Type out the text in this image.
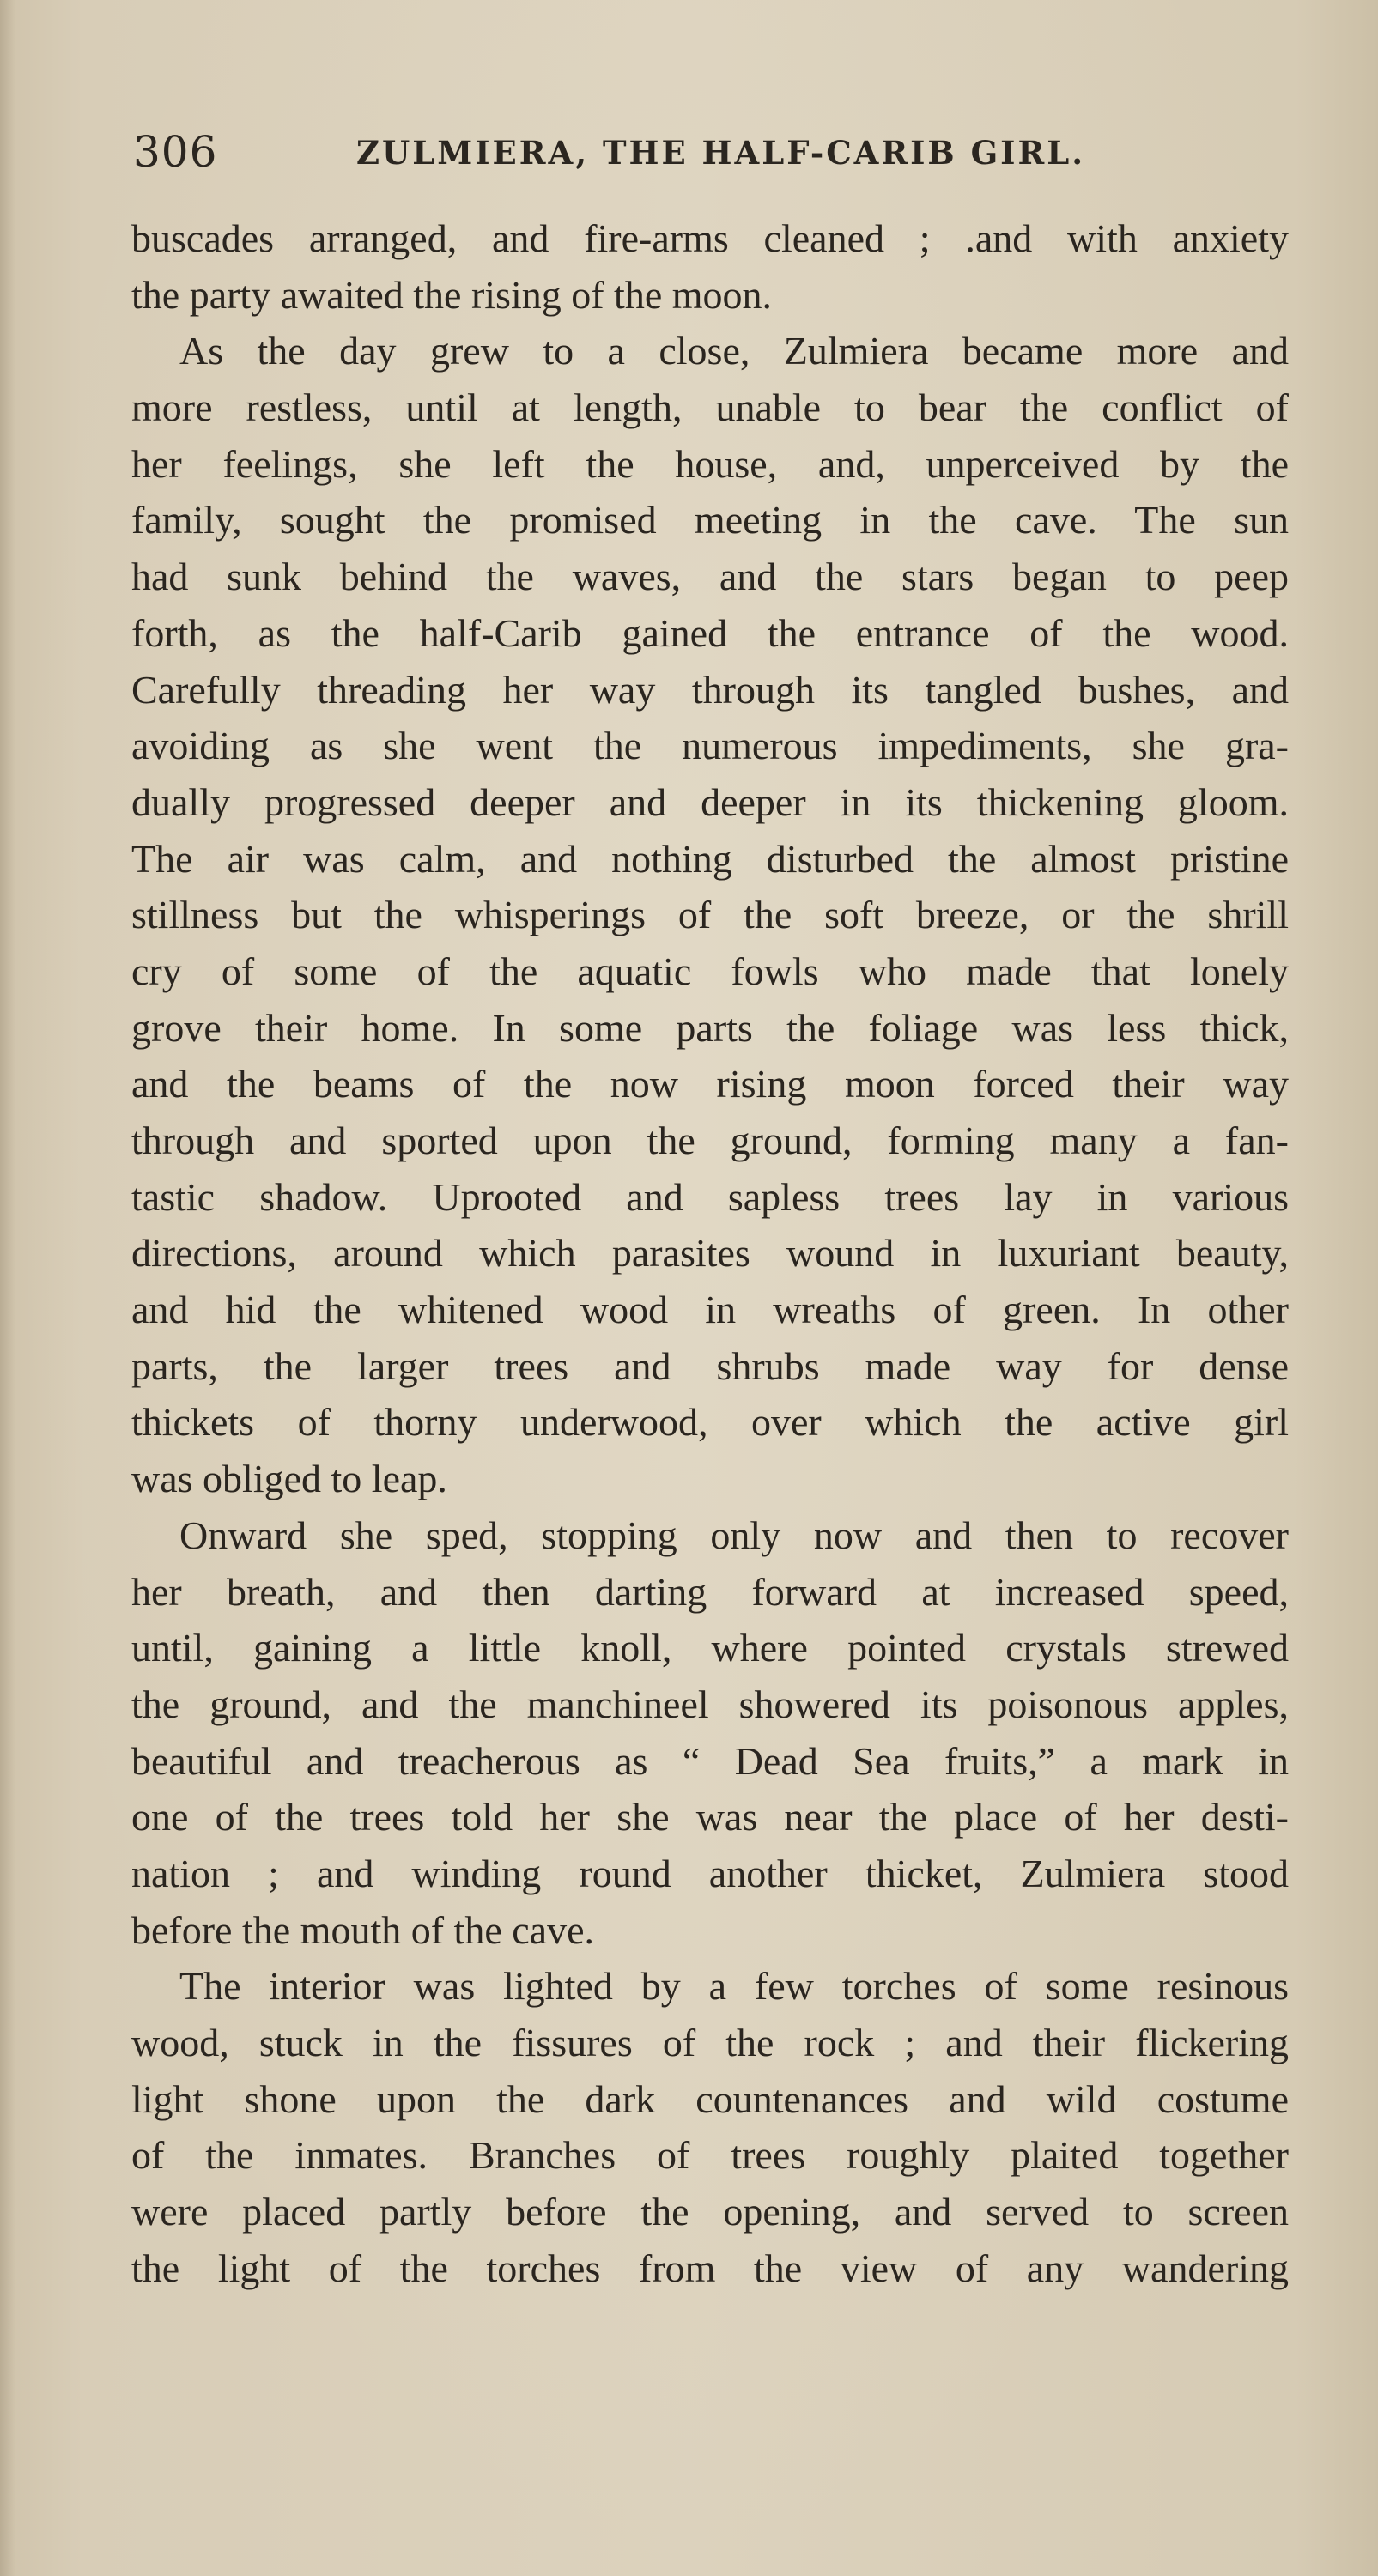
306	ZULMIERA, THE HALF-CARIB GIRL.
buscades arranged, and fire-arms cleaned ; .and with anxiety
the party awaited the rising of the moon.
As the day grew to a close, Zulmiera became more and
more restless, until at length, unable to bear the conflict of
her feelings, she left the house, and, unperceived by the
family, sought the promised meeting in the cave. The sun
had sunk behind the waves, and the stars began to peep
forth, as the half-Carib gained the entrance of the wood.
Carefully threading her way through its tangled bushes, and
avoiding as she went the numerous impediments, she gra-
dually progressed deeper and deeper in its thickening gloom.
The air was calm, and nothing disturbed the almost pristine
stillness but the whisperings of the soft breeze, or the shrill
cry of some of the aquatic fowls who made that lonely
grove their home. In some parts the foliage was less thick,
and the beams of the now rising moon forced their way
through and sported upon the ground, forming many a fan-
tastic shadow. Uprooted and sapless trees lay in various
directions, around which parasites wound in luxuriant beauty,
and hid the whitened wood in wreaths of green. In other
parts, the larger trees and shrubs made way for dense
thickets of thorny underwood, over which the active girl
was obliged to leap.
Onward she sped, stopping only now and then to recover
her breath, and then darting forward at increased speed,
until, gaining a little knoll, where pointed crystals strewed
the ground, and the manchineel showered its poisonous apples,
beautiful and treacherous as “ Dead Sea fruits,” a mark in
one of the trees told her she was near the place of her desti-
nation ; and winding round another thicket, Zulmiera stood
before the mouth of the cave.
The interior was lighted by a few torches of some resinous
wood, stuck in the fissures of the rock ; and their flickering
light shone upon the dark countenances and wild costume
of the inmates. Branches of trees roughly plaited together
were placed partly before the opening, and served to screen
the light of the torches from the view of any wandering
